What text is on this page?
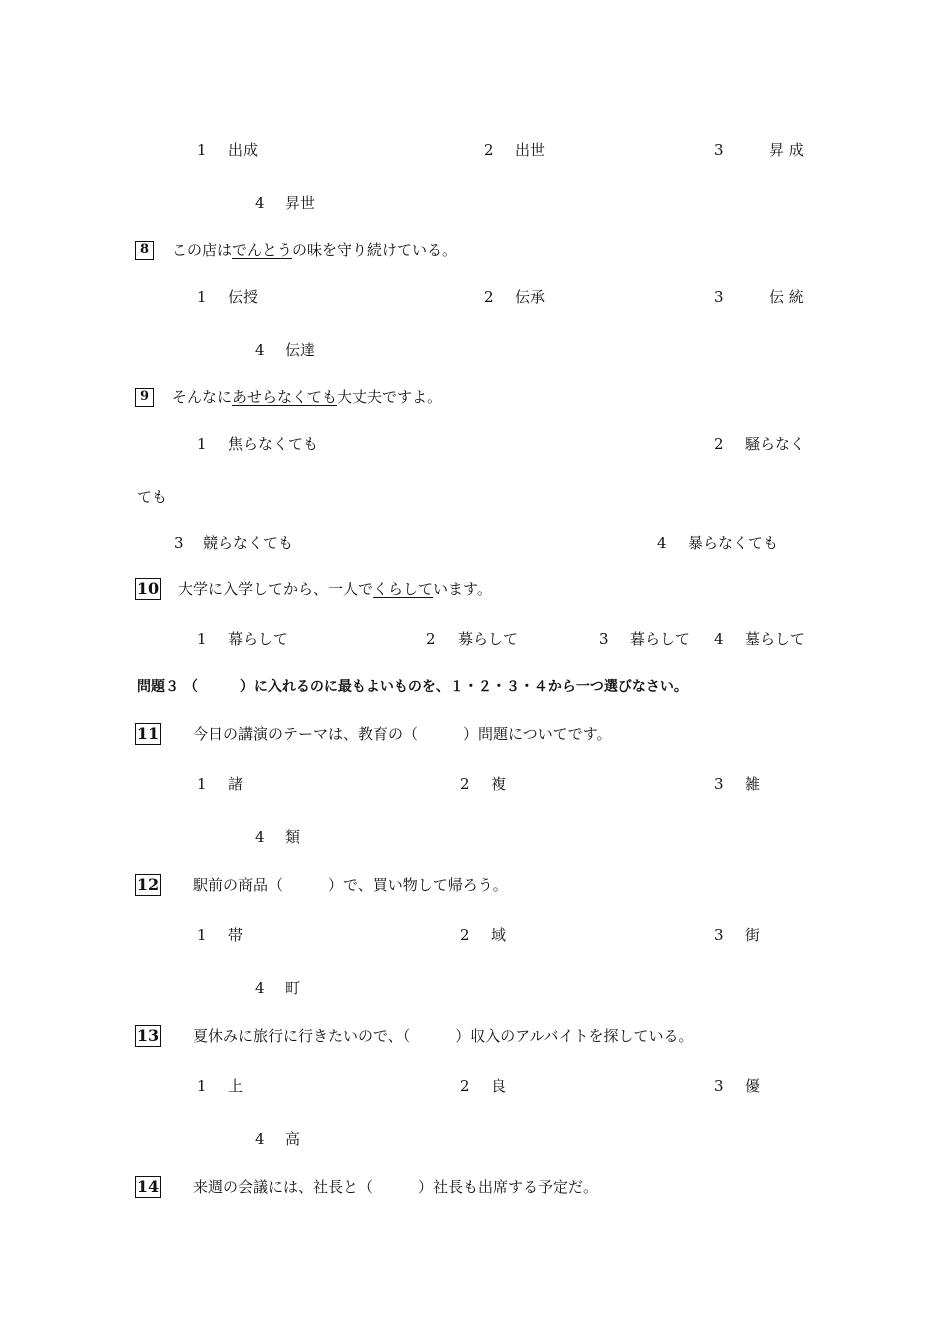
1 出成	2 出世	3	昇 成
4 昇世
8	この店はでんとうの味を守り続けている。
1 伝授	2 伝承	3	伝 統
4 伝達
9	そんなにあせらなくても大丈夫ですよ。
1 焦らなくても	2 騒らなく
ても
3 競らなくても	4 暴らなくても
10 大学に入学してから、一人でくらしています。
1 幕らして	2 募らして	3 暮らして 4 墓らして
問題３ （　　　）に入れるのに最もよいものを、１・２・３・４から一つ選びなさい。
11 今日の講演のテーマは、教育の（　　　）問題についてです。
1 諸	2 複	3 雑
4 類
12 駅前の商品（　　　）で、買い物して帰ろう。
1 帯	2 域	3 街
4 町
13 夏休みに旅行に行きたいので、（　　　）収入のアルバイトを探している。
1 上	2 良	3 優
4 高
14 来週の会議には、社長と（　　　）社長も出席する予定だ。
